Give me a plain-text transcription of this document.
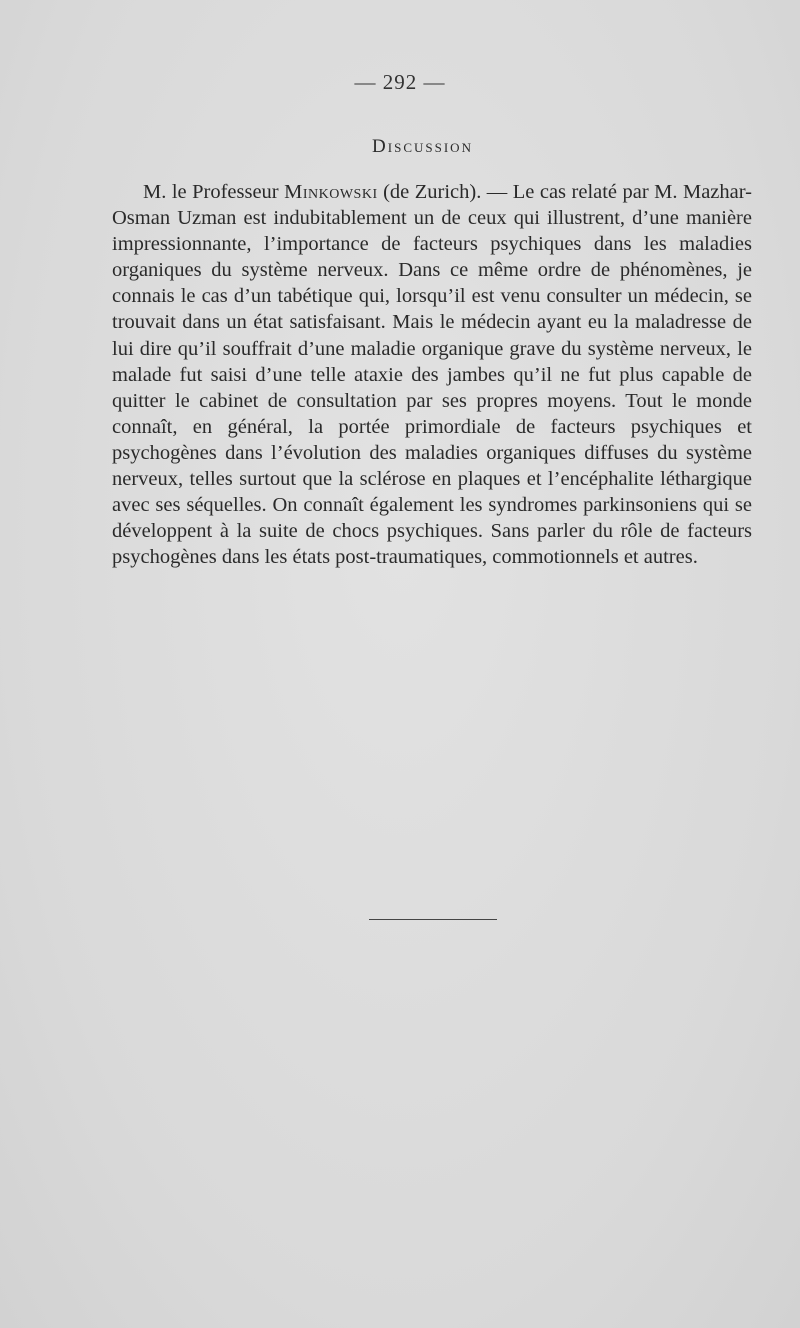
— 292 —
Discussion

M. le Professeur Minkowski (de Zurich). — Le cas relaté par M. Mazhar-Osman Uzman est indubitablement un de ceux qui illustrent, d’une manière impressionnante, l’importance de facteurs psychiques dans les maladies organiques du système nerveux. Dans ce même ordre de phénomènes, je connais le cas d’un tabétique qui, lorsqu’il est venu consulter un médecin, se trouvait dans un état satisfaisant. Mais le médecin ayant eu la maladresse de lui dire qu’il souffrait d’une maladie organique grave du système nerveux, le malade fut saisi d’une telle ataxie des jambes qu’il ne fut plus capable de quitter le cabinet de consultation par ses propres moyens. Tout le monde connaît, en général, la portée primordiale de facteurs psychiques et psychogènes dans l’évolution des maladies organiques diffuses du système nerveux, telles surtout que la sclérose en plaques et l’encéphalite léthargique avec ses séquelles. On connaît également les syndromes parkinsoniens qui se développent à la suite de chocs psychiques. Sans parler du rôle de facteurs psychogènes dans les états post-traumatiques, commotionnels et autres.
